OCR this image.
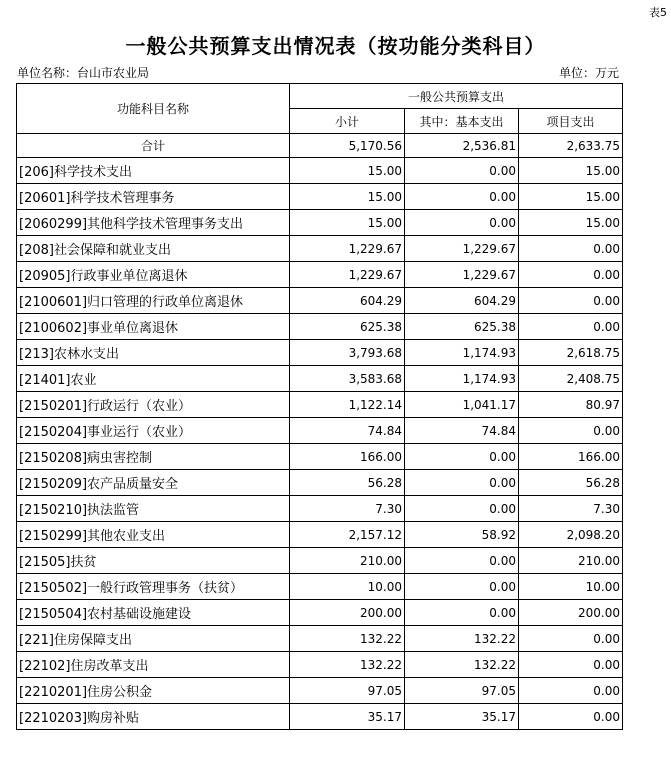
表5
一般公共预算支出情况表（按功能分类科目）
单位名称：台山市农业局	单位：万元
功能科目名称	一般公共预算支出		
	小计	其中：基本支出	项目支出
合计	5,170.56	2,536.81	2,633.75
[206]科学技术支出	15.00	0.00	15.00
[20601]科学技术管理事务	15.00	0.00	15.00
[2060299]其他科学技术管理事务支出	15.00	0.00	15.00
[208]社会保障和就业支出	1,229.67	1,229.67	0.00
[20905]行政事业单位离退休	1,229.67	1,229.67	0.00
[2100601]归口管理的行政单位离退休	604.29	604.29	0.00
[2100602]事业单位离退休	625.38	625.38	0.00
[213]农林水支出	3,793.68	1,174.93	2,618.75
[21401]农业	3,583.68	1,174.93	2,408.75
[2150201]行政运行（农业）	1,122.14	1,041.17	80.97
[2150204]事业运行（农业）	74.84	74.84	0.00
[2150208]病虫害控制	166.00	0.00	166.00
[2150209]农产品质量安全	56.28	0.00	56.28
[2150210]执法监管	7.30	0.00	7.30
[2150299]其他农业支出	2,157.12	58.92	2,098.20
[21505]扶贫	210.00	0.00	210.00
[2150502]一般行政管理事务（扶贫）	10.00	0.00	10.00
[2150504]农村基础设施建设	200.00	0.00	200.00
[221]住房保障支出	132.22	132.22	0.00
[22102]住房改革支出	132.22	132.22	0.00
[2210201]住房公积金	97.05	97.05	0.00
[2210203]购房补贴	35.17	35.17	0.00
